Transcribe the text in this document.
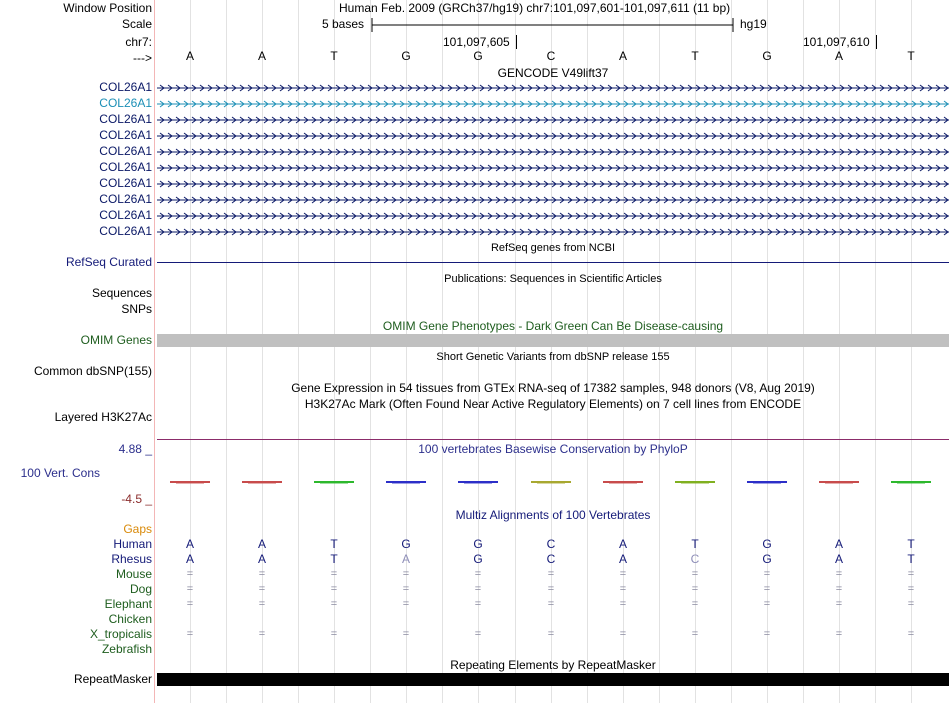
Window Position
Scale
chr7:
--->
Human Feb. 2009 (GRCh37/hg19) chr7:101,097,601-101,097,611 (11 bp)
5 bases	hg19
101,097,605	101,097,610
A	A	T	G	G	C	A	T	G	A	T
GENCODE V49lift37
COL26A1
COL26A1
COL26A1
COL26A1
COL26A1
COL26A1
COL26A1
COL26A1
COL26A1
COL26A1
RefSeq genes from NCBI
RefSeq Curated
Publications: Sequences in Scientific Articles
Sequences
SNPs
OMIM Gene Phenotypes - Dark Green Can Be Disease-causing
OMIM Genes
Short Genetic Variants from dbSNP release 155
Common dbSNP(155)
Gene Expression in 54 tissues from GTEx RNA-seq of 17382 samples, 948 donors (V8, Aug 2019)
H3K27Ac Mark (Often Found Near Active Regulatory Elements) on 7 cell lines from ENCODE
Layered H3K27Ac
100 vertebrates Basewise Conservation by PhyloP
4.88 _
100 Vert. Cons
-4.5 _
Multiz Alignments of 100 Vertebrates
Gaps
Human	A	A	T	G	G	C	A	T	G	A	T
Rhesus	A	A	T	A	G	C	A	C	G	A	T
Mouse	=	=	=	=	=	=	=	=	=	=	=
Dog	=	=	=	=	=	=	=	=	=	=	=
Elephant	=	=	=	=	=	=	=	=	=	=	=
Chicken
X_tropicalis	=	=	=	=	=	=	=	=	=	=	=
Zebrafish
Repeating Elements by RepeatMasker
RepeatMasker
